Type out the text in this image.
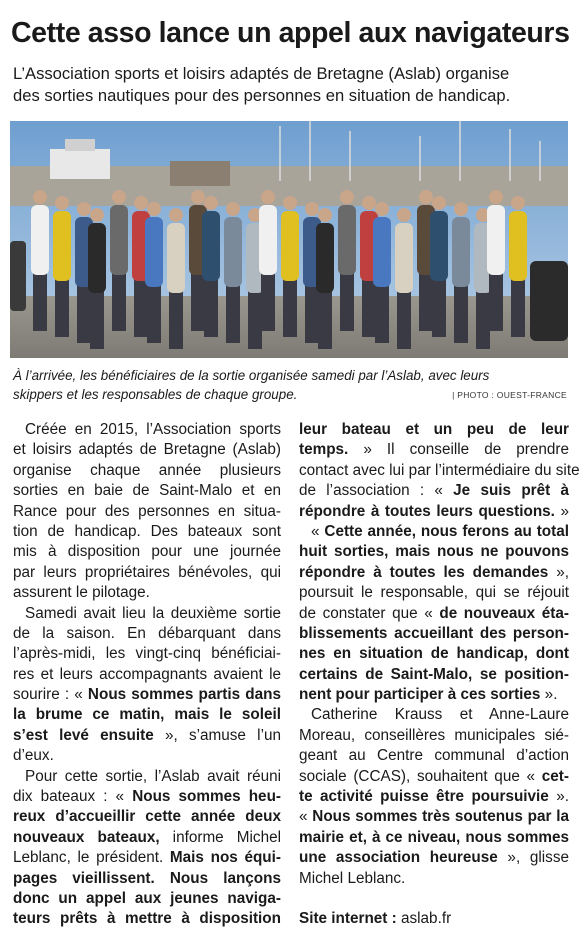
Cette asso lance un appel aux navigateurs
L’Association sports et loisirs adaptés de Bretagne (Aslab) organise
des sorties nautiques pour des personnes en situation de handicap.
À l’arrivée, les bénéficiaires de la sortie organisée samedi par l’Aslab, avec leurs
skippers et les responsables de chaque groupe.	| PHOTO : OUEST-FRANCE
Créée en 2015, l’Association sports
et loisirs adaptés de Bretagne (Aslab)
organise chaque année plusieurs
sorties en baie de Saint-Malo et en
Rance pour des personnes en situa-
tion de handicap. Des bateaux sont
mis à disposition pour une journée
par leurs propriétaires bénévoles, qui
assurent le pilotage.
Samedi avait lieu la deuxième sortie
de la saison. En débarquant dans
l’après-midi, les vingt-cinq bénéficiai-
res et leurs accompagnants avaient le
sourire : « Nous sommes partis dans
la brume ce matin, mais le soleil
s’est levé ensuite », s’amuse l’un
d’eux.
Pour cette sortie, l’Aslab avait réuni
dix bateaux : « Nous sommes heu-
reux d’accueillir cette année deux
nouveaux bateaux, informe Michel
Leblanc, le président. Mais nos équi-
pages vieillissent. Nous lançons
donc un appel aux jeunes naviga-
teurs prêts à mettre à disposition
leur bateau et un peu de leur
temps. » Il conseille de prendre
contact avec lui par l’intermédiaire du site
de l’association : « Je suis prêt à
répondre à toutes leurs questions. »
« Cette année, nous ferons au total
huit sorties, mais nous ne pouvons
répondre à toutes les demandes »,
poursuit le responsable, qui se réjouit
de constater que « de nouveaux éta-
blissements accueillant des person-
nes en situation de handicap, dont
certains de Saint-Malo, se position-
nent pour participer à ces sorties ».
Catherine Krauss et Anne-Laure
Moreau, conseillères municipales sié-
geant au Centre communal d’action
sociale (CCAS), souhaitent que « cet-
te activité puisse être poursuivie ».
« Nous sommes très soutenus par la
mairie et, à ce niveau, nous sommes
une association heureuse », glisse
Michel Leblanc.
Site internet : aslab.fr
